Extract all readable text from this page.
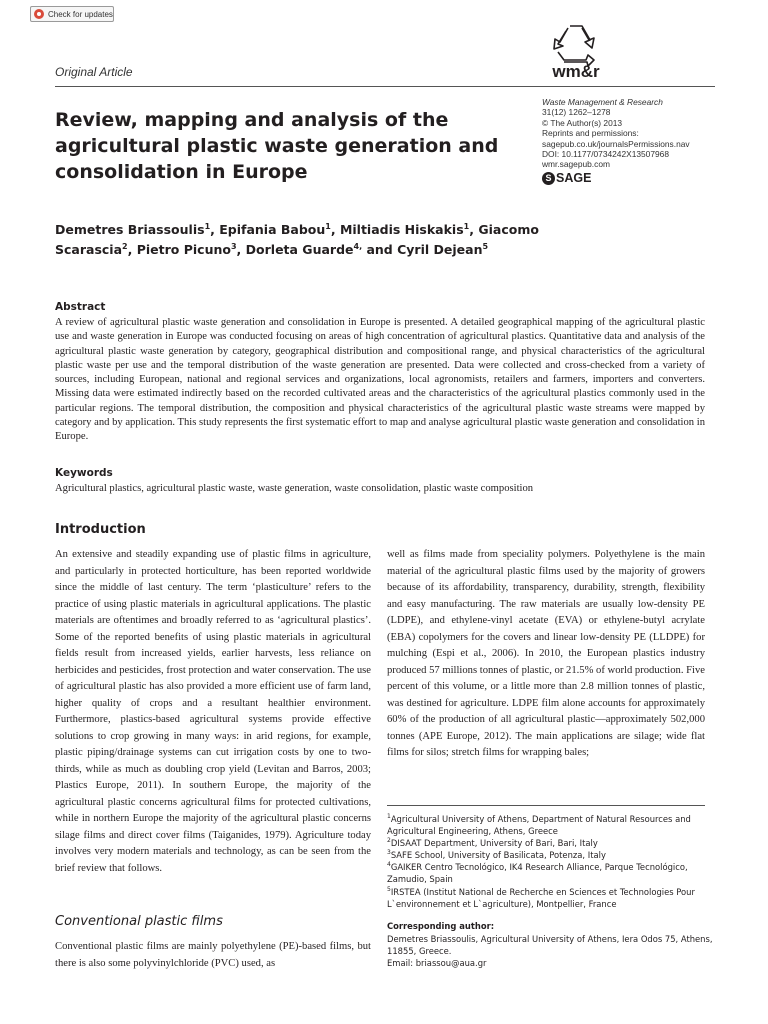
Check for updates
wm&r
Original Article
Waste Management & Research
31(12) 1262–1278
© The Author(s) 2013
Reprints and permissions:
sagepub.co.uk/journalsPermissions.nav
DOI: 10.1177/0734242X13507968
wmr.sagepub.com
S SAGE
Review, mapping and analysis of the agricultural plastic waste generation and consolidation in Europe
Demetres Briassoulis$^1$, Epifania Babou$^1$, Miltiadis Hiskakis$^1$, Giacomo Scarascia$^2$, Pietro Picuno$^3$, Dorleta Guarde$^{4,}$ and Cyril Dejean$^5$
Abstract

A review of agricultural plastic waste generation and consolidation in Europe is presented. A detailed geographical mapping of the agricultural plastic use and waste generation in Europe was conducted focusing on areas of high concentration of agricultural plastics. Quantitative data and analysis of the agricultural plastic waste generation by category, geographical distribution and compositional range, and physical characteristics of the agricultural plastic waste per use and the temporal distribution of the waste generation are presented. Data were collected and cross-checked from a variety of sources, including European, national and regional services and organizations, local agronomists, retailers and farmers, importers and converters. Missing data were estimated indirectly based on the recorded cultivated areas and the characteristics of the agricultural plastics commonly used in the particular regions. The temporal distribution, the composition and physical characteristics of the agricultural plastic waste streams were mapped by category and by application. This study represents the first systematic effort to map and analyse agricultural plastic waste generation and consolidation in Europe.

Keywords
Agricultural plastics, agricultural plastic waste, waste generation, waste consolidation, plastic waste composition
Introduction

An extensive and steadily expanding use of plastic films in agriculture, and particularly in protected horticulture, has been reported worldwide since the middle of last century. The term ‘plasticulture’ refers to the practice of using plastic materials in agricultural applications. The plastic materials are oftentimes and broadly referred to as ‘agricultural plastics’. Some of the reported benefits of using plastic materials in agricultural fields result from increased yields, earlier harvests, less reliance on herbicides and pesticides, frost protection and water conservation. The use of agricultural plastic has also provided a more efficient use of farm land, higher quality of crops and a resultant healthier environment. Furthermore, plastics-based agricultural systems provide effective solutions to crop growing in many ways: in arid regions, for example, plastic piping/drainage systems can cut irrigation costs by one to two-thirds, while as much as doubling crop yield (Levitan and Barros, 2003; Plastics Europe, 2011). In southern Europe, the majority of the agricultural plastic concerns agricultural films for protected cultivations, while in northern Europe the majority of the agricultural plastic concerns silage films and direct cover films (Taiganides, 1979). Agriculture today involves very modern materials and technology, as can be seen from the brief review that follows.

Conventional plastic films

Conventional plastic films are mainly polyethylene (PE)-based films, but there is also some polyvinylchloride (PVC) used, as

well as films made from speciality polymers. Polyethylene is the main material of the agricultural plastic films used by the majority of growers because of its affordability, transparency, durability, strength, flexibility and easy manufacturing. The raw materials are usually low-density PE (LDPE), and ethylene-vinyl acetate (EVA) or ethylene-butyl acrylate (EBA) copolymers for the covers and linear low-density PE (LLDPE) for mulching (Espi et al., 2006). In 2010, the European plastics industry produced 57 millions tonnes of plastic, or 21.5% of world production. Five percent of this volume, or a little more than 2.8 million tonnes of plastic, was destined for agriculture. LDPE film alone accounts for approximately 60% of the production of all agricultural plastic—approximately 502,000 tonnes (APE Europe, 2012). The main applications are silage; wide flat films for silos; stretch films for wrapping bales;

$^1$Agricultural University of Athens, Department of Natural Resources and Agricultural Engineering, Athens, Greece
$^2$DISAAT Department, University of Bari, Bari, Italy
$^3$SAFE School, University of Basilicata, Potenza, Italy
$^4$GAIKER Centro Tecnológico, IK4 Research Alliance, Parque Tecnológico, Zamudio, Spain
$^5$IRSTEA (Institut National de Recherche en Sciences et Technologies Pour L`environnement et L`agriculture), Montpellier, France
Corresponding author:
Demetres Briassoulis, Agricultural University of Athens, Iera Odos 75, Athens, 11855, Greece.
Email: briassou@aua.gr
